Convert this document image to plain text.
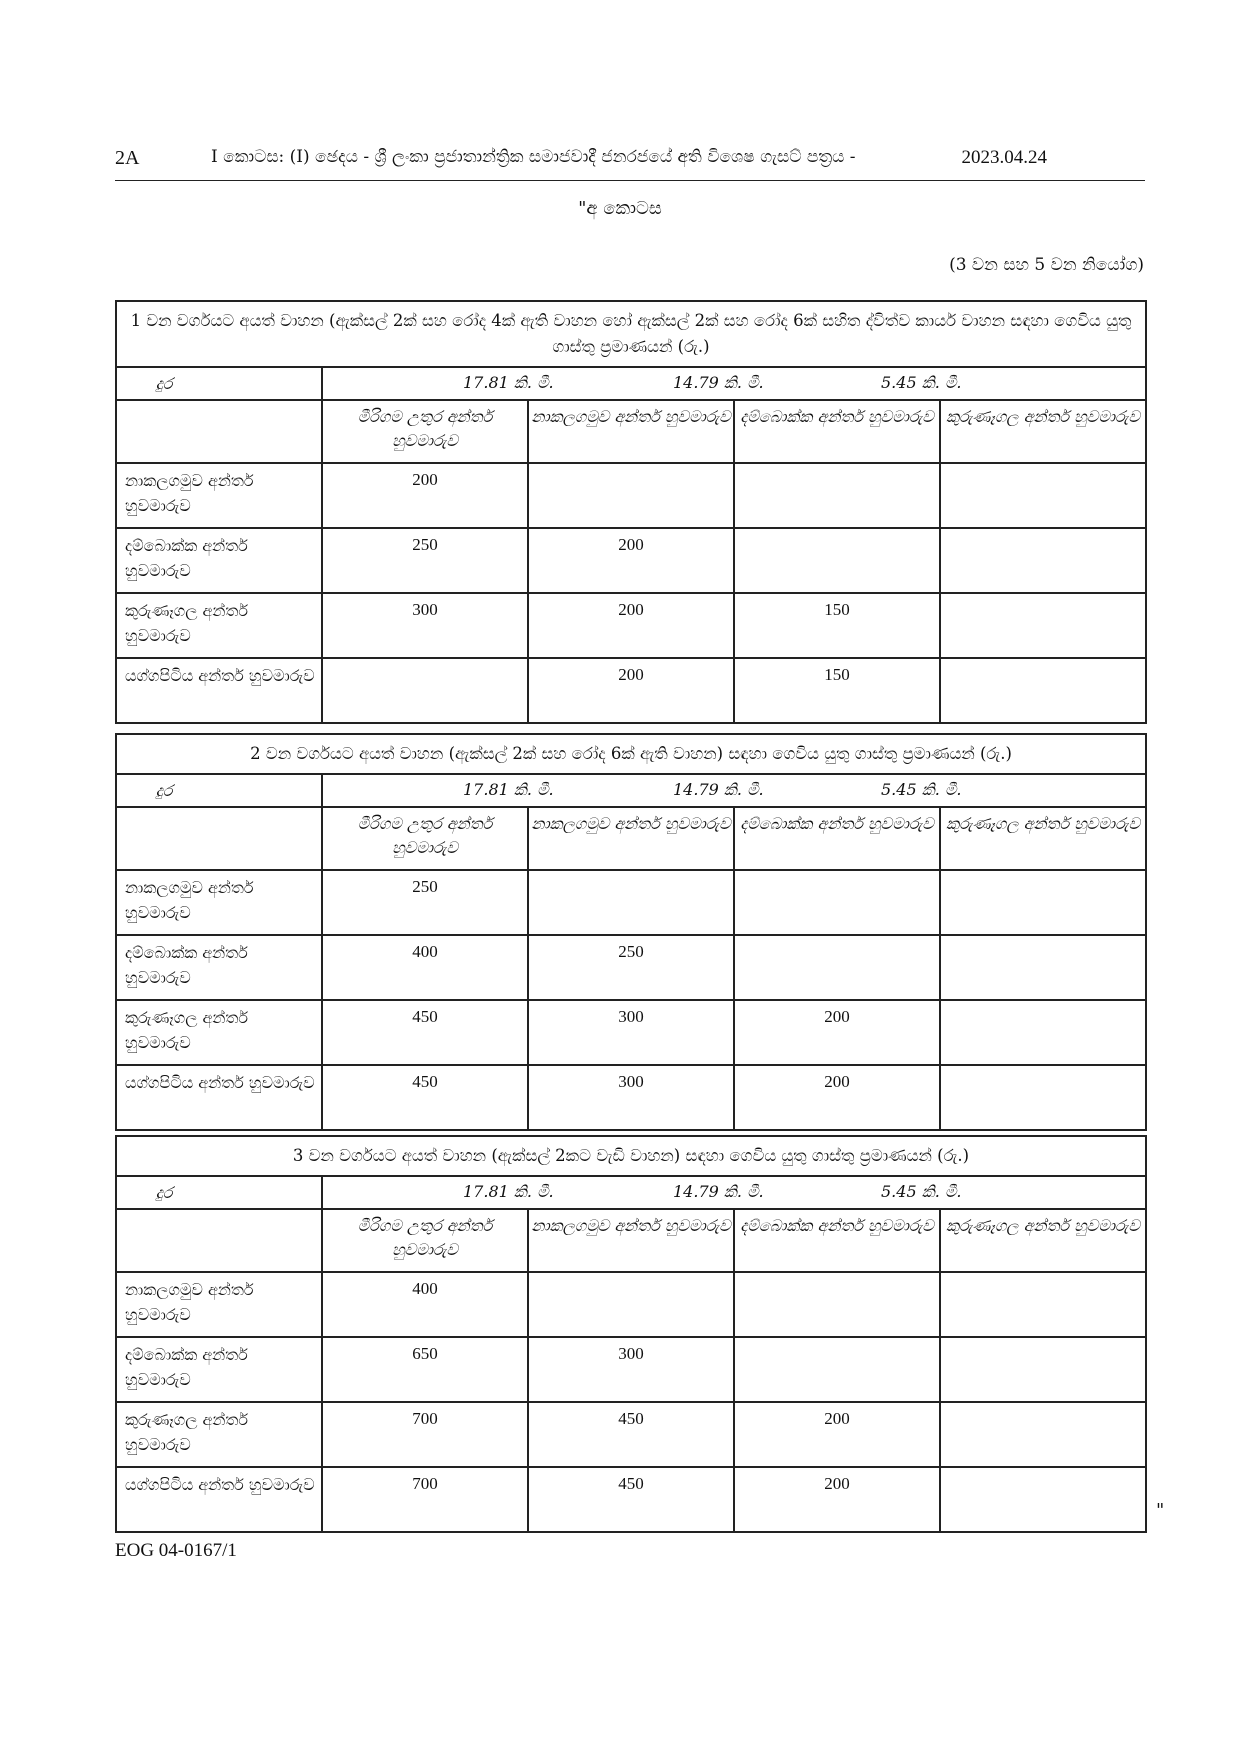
2A	I කොටස: (I) ඡෙදය - ශ්‍රී ලංකා ප්‍රජාතාන්ත්‍රික සමාජවාදී ජනරජයේ අති විශෙෂ ගැසට් පත්‍රය -	2023.04.24
"අ කොටස
(3 වන සහ 5 වන නියෝග)
1 වන වර්ගයට අයත් වාහන (ඇක්සල් 2ක් සහ රෝද 4ක් ඇති වාහන හෝ ඇක්සල් 2ක් සහ රෝද 6ක් සහිත ද්විත්ව කාර්ය වාහන සඳහා ගෙවිය යුතු ගාස්තු ප්‍රමාණයන් (රු.)				
දුර	17.81 කි. මී. 14.79 කි. මී. 5.45 කි. මී.			

	මීරිගම උතුර අන්තර් හුවමාරුව	නාකලගමුව අන්තර් හුවමාරුව	දම්බොක්ක අන්තර් හුවමාරුව	කුරුණෑගල අන්තර් හුවමාරුව
නාකලගමුව අන්තර් හුවමාරුව	200			
දම්බොක්ක අන්තර් හුවමාරුව	250	200		
කුරුණෑගල අන්තර් හුවමාරුව	300	200	150	
යග්ගපිටිය අන්තර් හුවමාරුව		200	150	
2 වන වර්ගයට අයත් වාහන (ඇක්සල් 2ක් සහ රෝද 6ක් ඇති වාහන) සඳහා ගෙවිය යුතු ගාස්තු ප්‍රමාණයන් (රු.)				
දුර	17.81 කි. මී. 14.79 කි. මී. 5.45 කි. මී.			

	මීරිගම උතුර අන්තර් හුවමාරුව	නාකලගමුව අන්තර් හුවමාරුව	දම්බොක්ක අන්තර් හුවමාරුව	කුරුණෑගල අන්තර් හුවමාරුව
නාකලගමුව අන්තර් හුවමාරුව	250			
දම්බොක්ක අන්තර් හුවමාරුව	400	250		
කුරුණෑගල අන්තර් හුවමාරුව	450	300	200	
යග්ගපිටිය අන්තර් හුවමාරුව	450	300	200	
3 වන වර්ගයට අයත් වාහන (ඇක්සල් 2කට වැඩි වාහන) සඳහා ගෙවිය යුතු ගාස්තු ප්‍රමාණයන් (රු.)				
දුර	17.81 කි. මී. 14.79 කි. මී. 5.45 කි. මී.			

	මීරිගම උතුර අන්තර් හුවමාරුව	නාකලගමුව අන්තර් හුවමාරුව	දම්බොක්ක අන්තර් හුවමාරුව	කුරුණෑගල අන්තර් හුවමාරුව
නාකලගමුව අන්තර් හුවමාරුව	400			
දම්බොක්ක අන්තර් හුවමාරුව	650	300		
කුරුණෑගල අන්තර් හුවමාරුව	700	450	200	
යග්ගපිටිය අන්තර් හුවමාරුව	700	450	200	
"
EOG 04-0167/1
